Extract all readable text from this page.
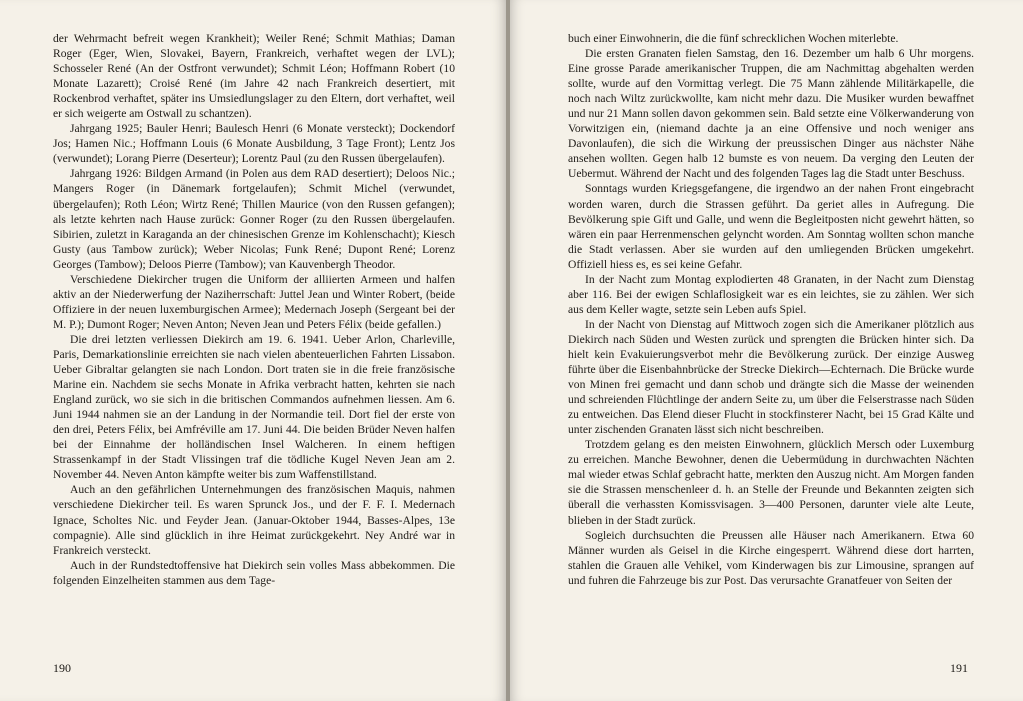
der Wehrmacht befreit wegen Krankheit); Weiler René; Schmit Mathias; Daman Roger (Eger, Wien, Slovakei, Bayern, Frankreich, verhaftet wegen der LVL); Schosseler René (An der Ostfront verwundet); Schmit Léon; Hoffmann Robert (10 Monate Lazarett); Croisé René (im Jahre 42 nach Frankreich desertiert, mit Rockenbrod verhaftet, später ins Umsiedlungslager zu den Eltern, dort verhaftet, weil er sich weigerte am Ostwall zu schantzen).

Jahrgang 1925; Bauler Henri; Baulesch Henri (6 Monate versteckt); Dockendorf Jos; Hamen Nic.; Hoffmann Louis (6 Monate Ausbildung, 3 Tage Front); Lentz Jos (verwundet); Lorang Pierre (Deserteur); Lorentz Paul (zu den Russen übergelaufen).

Jahrgang 1926: Bildgen Armand (in Polen aus dem RAD desertiert); Deloos Nic.; Mangers Roger (in Dänemark fortgelaufen); Schmit Michel (verwundet, übergelaufen); Roth Léon; Wirtz René; Thillen Maurice (von den Russen gefangen); als letzte kehrten nach Hause zurück: Gonner Roger (zu den Russen übergelaufen. Sibirien, zuletzt in Karaganda an der chinesischen Grenze im Kohlenschacht); Kiesch Gusty (aus Tambow zurück); Weber Nicolas; Funk René; Dupont René; Lorenz Georges (Tambow); Deloos Pierre (Tambow); van Kauvenbergh Theodor.

Verschiedene Diekircher trugen die Uniform der alliierten Armeen und halfen aktiv an der Niederwerfung der Naziherrschaft: Juttel Jean und Winter Robert, (beide Offiziere in der neuen luxemburgischen Armee); Medernach Joseph (Sergeant bei der M. P.); Dumont Roger; Neven Anton; Neven Jean und Peters Félix (beide gefallen.)

Die drei letzten verliessen Diekirch am 19. 6. 1941. Ueber Arlon, Charleville, Paris, Demarkationslinie erreichten sie nach vielen abenteuerlichen Fahrten Lissabon. Ueber Gibraltar gelangten sie nach London. Dort traten sie in die freie französische Marine ein. Nachdem sie sechs Monate in Afrika verbracht hatten, kehrten sie nach England zurück, wo sie sich in die britischen Commandos aufnehmen liessen. Am 6. Juni 1944 nahmen sie an der Landung in der Normandie teil. Dort fiel der erste von den drei, Peters Félix, bei Amfréville am 17. Juni 44. Die beiden Brüder Neven halfen bei der Einnahme der holländischen Insel Walcheren. In einem heftigen Strassenkampf in der Stadt Vlissingen traf die tödliche Kugel Neven Jean am 2. November 44. Neven Anton kämpfte weiter bis zum Waffenstillstand.

Auch an den gefährlichen Unternehmungen des französischen Maquis, nahmen verschiedene Diekircher teil. Es waren Sprunck Jos., und der F. F. I. Medernach Ignace, Scholtes Nic. und Feyder Jean. (Januar-Oktober 1944, Basses-Alpes, 13e compagnie). Alle sind glücklich in ihre Heimat zurückgekehrt. Ney André war in Frankreich versteckt.

Auch in der Rundstedtoffensive hat Diekirch sein volles Mass abbekommen. Die folgenden Einzelheiten stammen aus dem Tage-

190

buch einer Einwohnerin, die die fünf schrecklichen Wochen miterlebte.

Die ersten Granaten fielen Samstag, den 16. Dezember um halb 6 Uhr morgens. Eine grosse Parade amerikanischer Truppen, die am Nachmittag abgehalten werden sollte, wurde auf den Vormittag verlegt. Die 75 Mann zählende Militärkapelle, die noch nach Wiltz zurückwollte, kam nicht mehr dazu. Die Musiker wurden bewaffnet und nur 21 Mann sollen davon gekommen sein. Bald setzte eine Völkerwanderung von Vorwitzigen ein, (niemand dachte ja an eine Offensive und noch weniger ans Davonlaufen), die sich die Wirkung der preussischen Dinger aus nächster Nähe ansehen wollten. Gegen halb 12 bumste es von neuem. Da verging den Leuten der Uebermut. Während der Nacht und des folgenden Tages lag die Stadt unter Beschuss.

Sonntags wurden Kriegsgefangene, die irgendwo an der nahen Front eingebracht worden waren, durch die Strassen geführt. Da geriet alles in Aufregung. Die Bevölkerung spie Gift und Galle, und wenn die Begleitposten nicht gewehrt hätten, so wären ein paar Herrenmenschen gelyncht worden. Am Sonntag wollten schon manche die Stadt verlassen. Aber sie wurden auf den umliegenden Brücken umgekehrt. Offiziell hiess es, es sei keine Gefahr.

In der Nacht zum Montag explodierten 48 Granaten, in der Nacht zum Dienstag aber 116. Bei der ewigen Schlaflosigkeit war es ein leichtes, sie zu zählen. Wer sich aus dem Keller wagte, setzte sein Leben aufs Spiel.

In der Nacht von Dienstag auf Mittwoch zogen sich die Amerikaner plötzlich aus Diekirch nach Süden und Westen zurück und sprengten die Brücken hinter sich. Da hielt kein Evakuierungsverbot mehr die Bevölkerung zurück. Der einzige Ausweg führte über die Eisenbahnbrücke der Strecke Diekirch—Echternach. Die Brücke wurde von Minen frei gemacht und dann schob und drängte sich die Masse der weinenden und schreienden Flüchtlinge der andern Seite zu, um über die Felserstrasse nach Süden zu entweichen. Das Elend dieser Flucht in stockfinsterer Nacht, bei 15 Grad Kälte und unter zischenden Granaten lässt sich nicht beschreiben.

Trotzdem gelang es den meisten Einwohnern, glücklich Mersch oder Luxemburg zu erreichen. Manche Bewohner, denen die Uebermüdung in durchwachten Nächten mal wieder etwas Schlaf gebracht hatte, merkten den Auszug nicht. Am Morgen fanden sie die Strassen menschenleer d. h. an Stelle der Freunde und Bekannten zeigten sich überall die verhassten Komissvisagen. 3—400 Personen, darunter viele alte Leute, blieben in der Stadt zurück.

Sogleich durchsuchten die Preussen alle Häuser nach Amerikanern. Etwa 60 Männer wurden als Geisel in die Kirche eingesperrt. Während diese dort harrten, stahlen die Grauen alle Vehikel, vom Kinderwagen bis zur Limousine, sprangen auf und fuhren die Fahrzeuge bis zur Post. Das verursachte Granatfeuer von Seiten der

191
